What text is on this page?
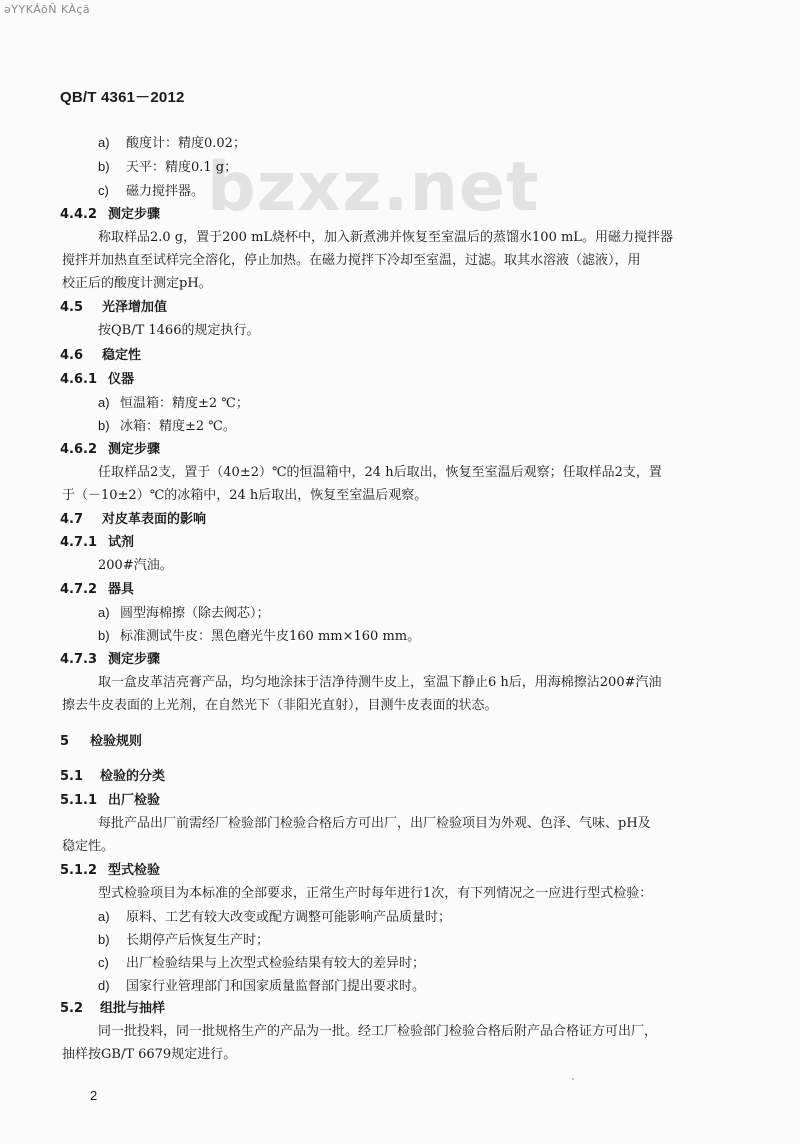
ǝYYKÁõÑ KÀçã
QB/T 4361－2012
bzxz.net
a) 酸度计：精度0.02；
b) 天平：精度0.1 g；
c) 磁力搅拌器。
4.4.2 测定步骤
称取样品2.0 g，置于200 mL烧杯中，加入新煮沸并恢复至室温后的蒸馏水100 mL。用磁力搅拌器
搅拌并加热直至试样完全溶化，停止加热。在磁力搅拌下冷却至室温，过滤。取其水溶液（滤液），用
校正后的酸度计测定pH。
4.5 光泽增加值
按QB/T 1466的规定执行。
4.6 稳定性
4.6.1 仪器
a) 恒温箱：精度±2 ℃；
b) 冰箱：精度±2 ℃。
4.6.2 测定步骤
任取样品2支，置于（40±2）℃的恒温箱中，24 h后取出，恢复至室温后观察；任取样品2支，置
于（－10±2）℃的冰箱中，24 h后取出，恢复至室温后观察。
4.7 对皮革表面的影响
4.7.1 试剂
200#汽油。
4.7.2 器具
a) 圆型海棉擦（除去阀芯）；
b) 标准测试牛皮：黑色磨光牛皮160 mm×160 mm。
4.7.3 测定步骤
取一盒皮革洁亮膏产品，均匀地涂抹于洁净待测牛皮上，室温下静止6 h后，用海棉擦沾200#汽油
擦去牛皮表面的上光剂，在自然光下（非阳光直射），目测牛皮表面的状态。
5 检验规则
5.1 检验的分类
5.1.1 出厂检验
每批产品出厂前需经厂检验部门检验合格后方可出厂，出厂检验项目为外观、色泽、气味、pH及
稳定性。
5.1.2 型式检验
型式检验项目为本标准的全部要求，正常生产时每年进行1次，有下列情况之一应进行型式检验：
a) 原料、工艺有较大改变或配方调整可能影响产品质量时；
b) 长期停产后恢复生产时；
c) 出厂检验结果与上次型式检验结果有较大的差异时；
d) 国家行业管理部门和国家质量监督部门提出要求时。
5.2 组批与抽样
同一批投料，同一批规格生产的产品为一批。经工厂检验部门检验合格后附产品合格证方可出厂，
抽样按GB/T 6679规定进行。
2
